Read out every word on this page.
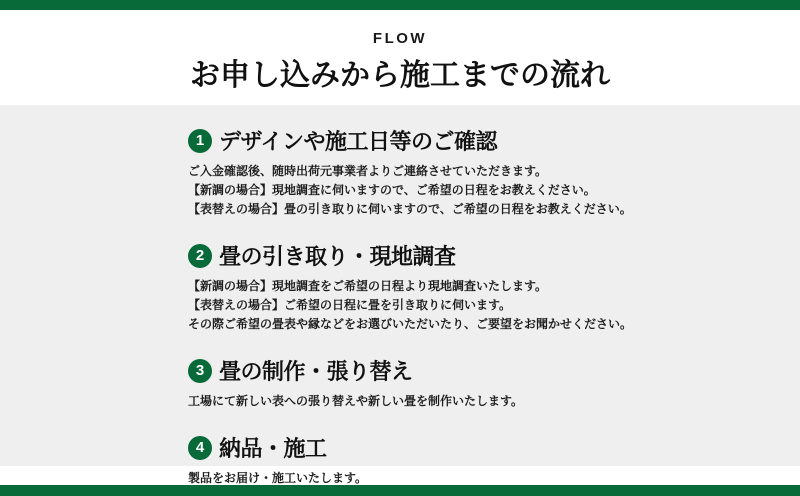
FLOW
お申し込みから施工までの流れ
1 デザインや施工日等のご確認
ご入金確認後、随時出荷元事業者よりご連絡させていただきます。
【新調の場合】現地調査に伺いますので、ご希望の日程をお教えください。
【表替えの場合】畳の引き取りに伺いますので、ご希望の日程をお教えください。
2 畳の引き取り・現地調査
【新調の場合】現地調査をご希望の日程より現地調査いたします。
【表替えの場合】ご希望の日程に畳を引き取りに伺います。
その際ご希望の畳表や縁などをお選びいただいたり、ご要望をお聞かせください。
3 畳の制作・張り替え
工場にて新しい表への張り替えや新しい畳を制作いたします。
4 納品・施工
製品をお届け・施工いたします。
